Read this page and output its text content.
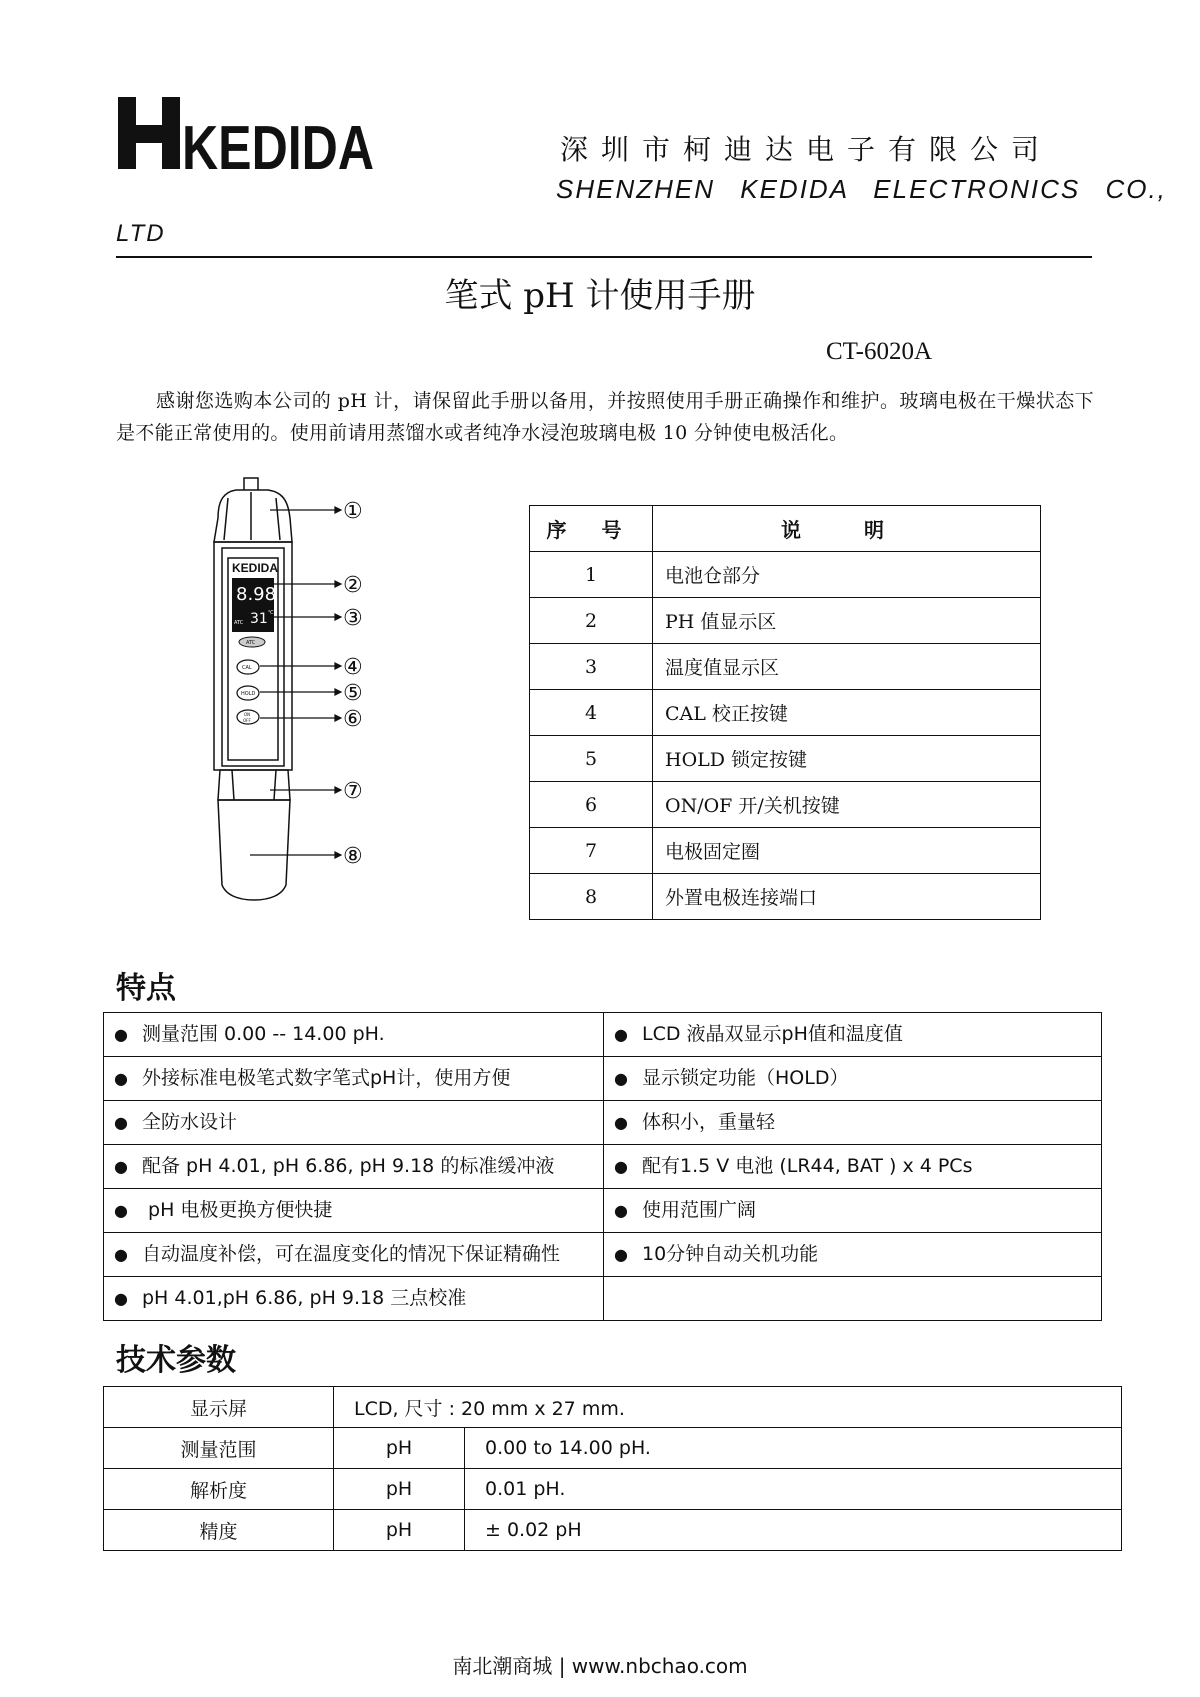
KEDIDA	深圳市柯迪达电子有限公司
SHENZHEN KEDIDA ELECTRONICS CO.,
LTD
笔式 pH 计使用手册
CT-6020A
感谢您选购本公司的 pH 计，请保留此手册以备用，并按照使用手册正确操作和维护。玻璃电极在干燥状态下是不能正常使用的。使用前请用蒸馏水或者纯净水浸泡玻璃电极 10 分钟使电极活化。
KEDIDA
8.98
31 ℃
ATC
ATC
CAL
HOLD
ON
OFF
①
②
③
④
⑤
⑥
⑦
⑧
序 号	说 明
1	电池仓部分
2	PH 值显示区
3	温度值显示区
4	CAL 校正按键
5	HOLD 锁定按键
6	ON/OF 开/关机按键
7	电极固定圈
8	外置电极连接端口
特点
●测量范围 0.00 -- 14.00 pH.	●LCD 液晶双显示pH值和温度值
●外接标准电极笔式数字笔式pH计，使用方便	●显示锁定功能（HOLD）
●全防水设计	●体积小，重量轻
●配备 pH 4.01, pH 6.86, pH 9.18 的标准缓冲液	●配有1.5 V 电池 (LR44, BAT ) x 4 PCs
● pH 电极更换方便快捷	●使用范围广阔
●自动温度补偿，可在温度变化的情况下保证精确性	●10分钟自动关机功能
●pH 4.01,pH 6.86, pH 9.18 三点校准	
技术参数
显示屏	LCD, 尺寸 : 20 mm x 27 mm.	
测量范围	pH	0.00 to 14.00 pH.
解析度	pH	0.01 pH.
精度	pH	± 0.02 pH
南北潮商城 | www.nbchao.com
